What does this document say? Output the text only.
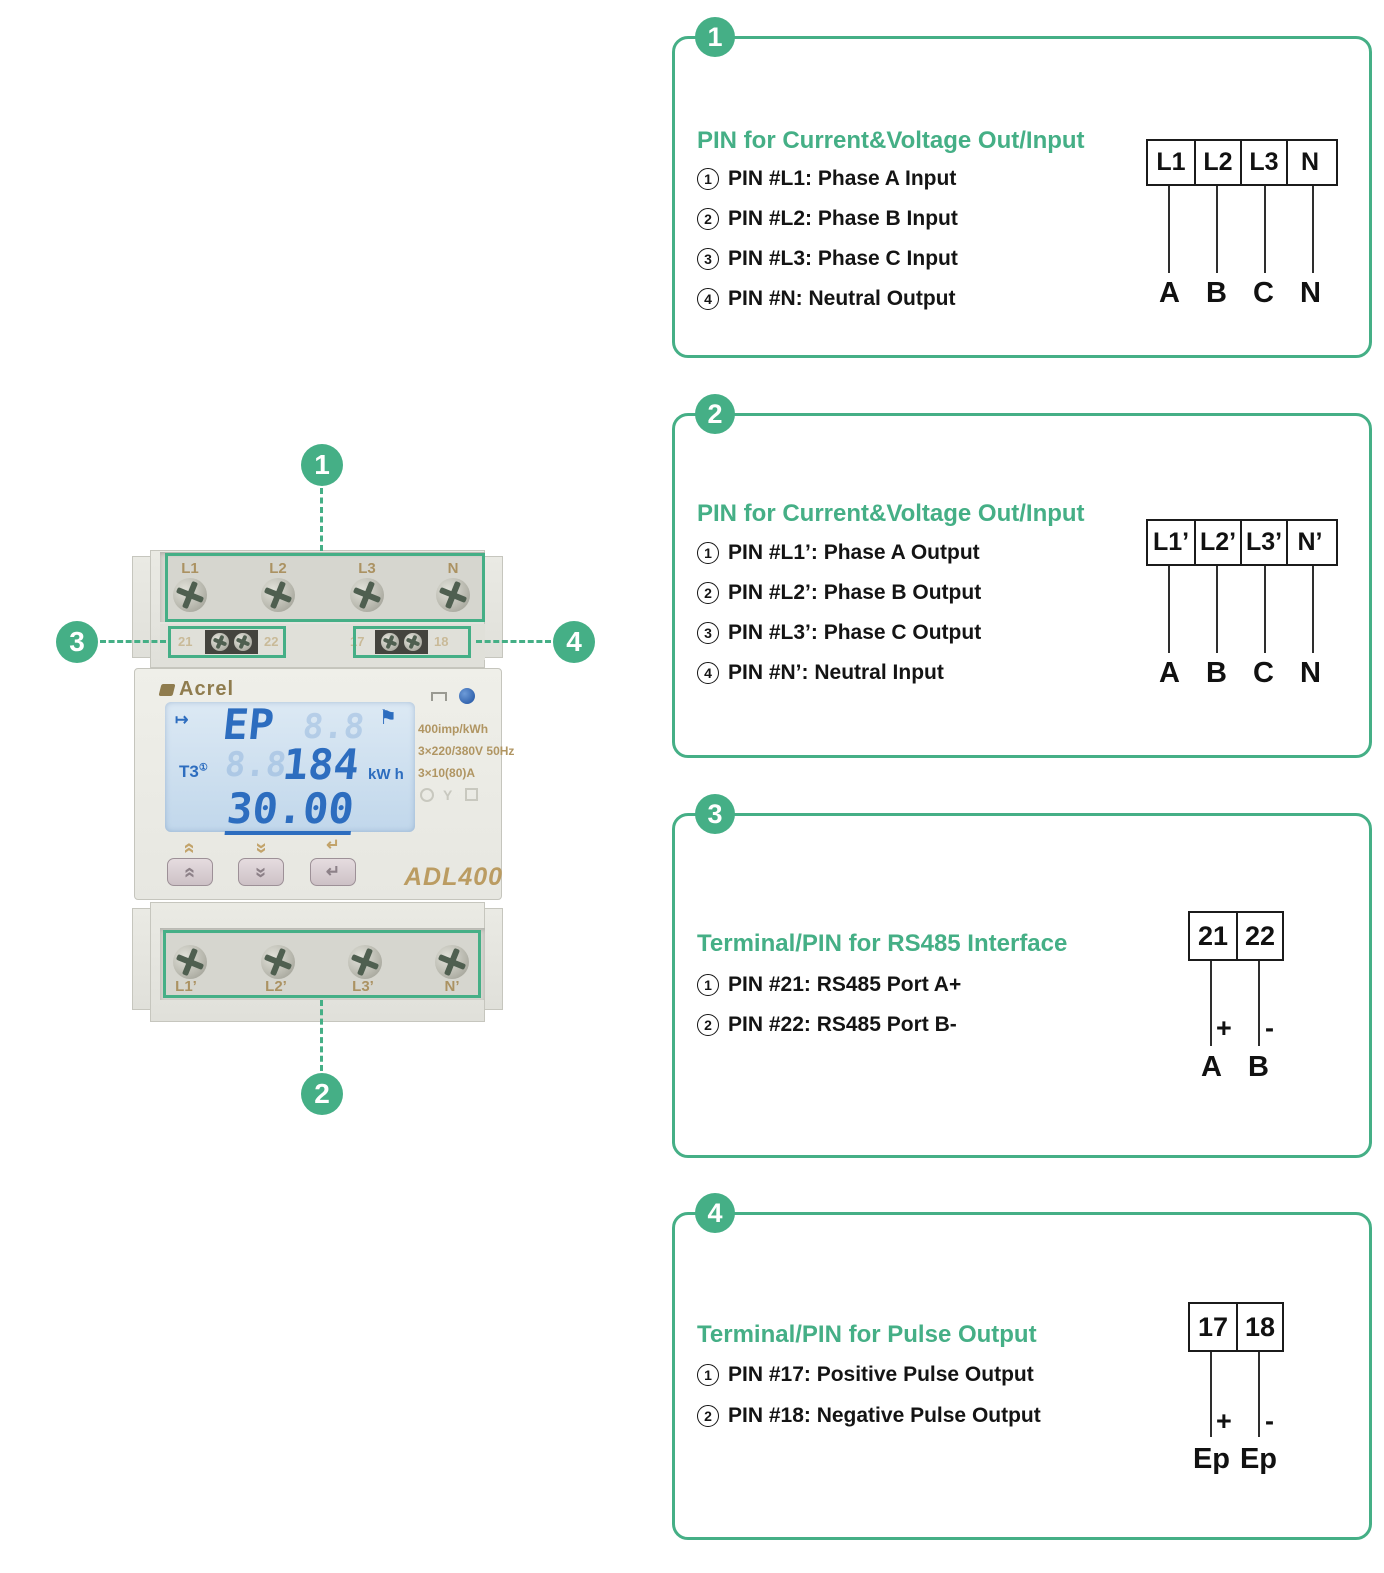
L1	L2	L3	N
21	22	17	18
Acrel
↦ EP 8.8 ⚑
T3① 8.8
184 kW h
30.00
400imp/kWh
3×220/380V 50Hz
3×10(80)A
Y
«	«	↵
« «	↵	ADL400
L1’	L2’	L3’	N’
1
2
3	4
1
PIN for Current&Voltage Out/Input
1 PIN #L1: Phase A Input
2 PIN #L2: Phase B Input
3 PIN #L3: Phase C Input
4 PIN #N: Neutral Output
L1 L2 L3 N
A B C N
2
PIN for Current&Voltage Out/Input
1 PIN #L1’: Phase A Output
2 PIN #L2’: Phase B Output
3 PIN #L3’: Phase C Output
4 PIN #N’: Neutral Input
L1’ L2’ L3’ N’
A B C N
3
Terminal/PIN for RS485 Interface
1 PIN #21: RS485 Port A+
2 PIN #22: RS485 Port B-
21 22
+ -
A B
4
Terminal/PIN for Pulse Output
1 PIN #17: Positive Pulse Output
2 PIN #18: Negative Pulse Output
17 18
+ -
Ep Ep
